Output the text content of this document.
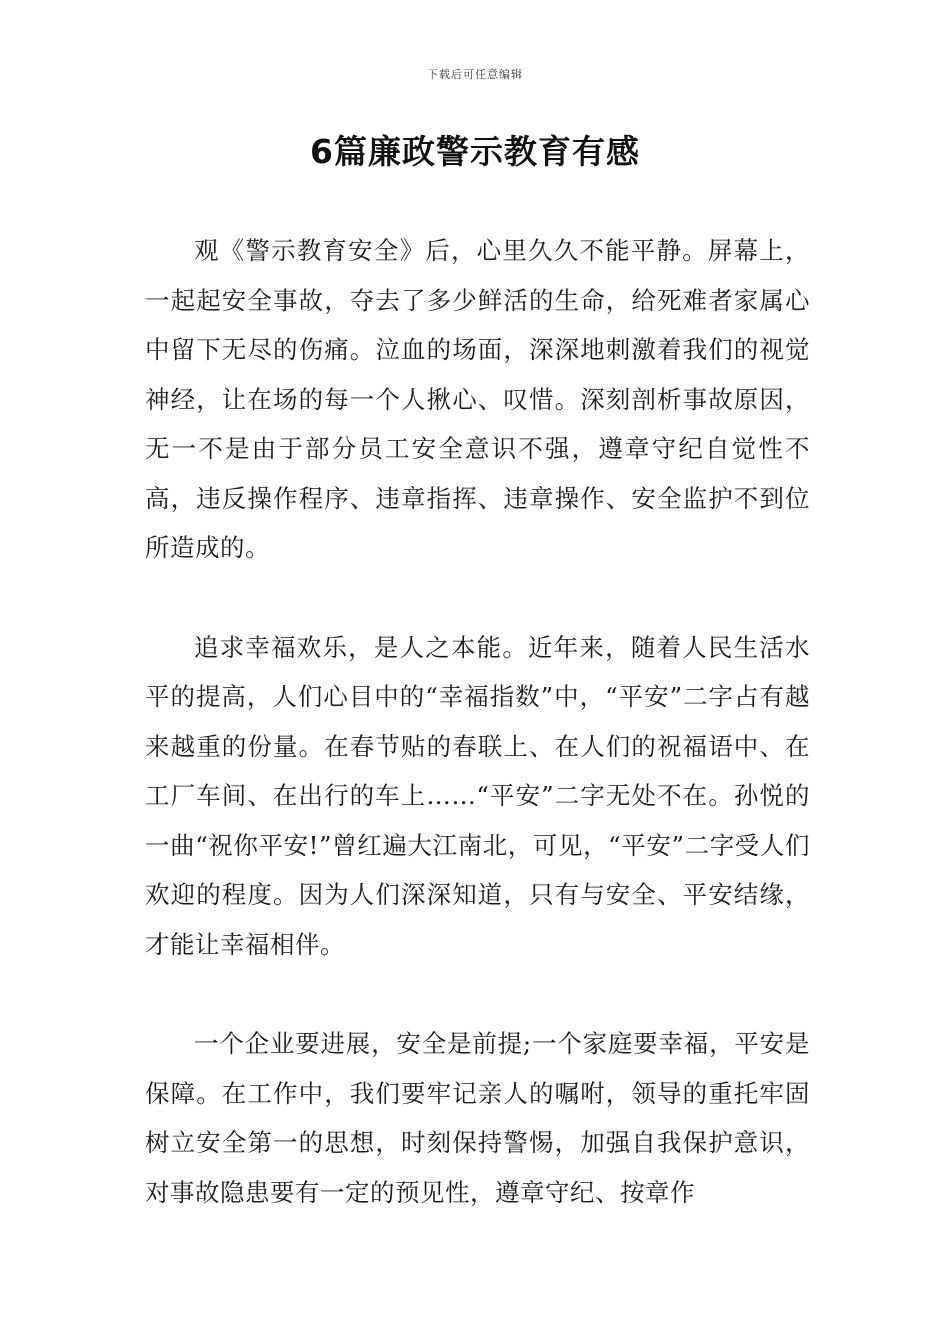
下载后可任意编辑
6篇廉政警示教育有感

观《警示教育安全》后，心里久久不能平静。屏幕上，一起起安全事故，夺去了多少鲜活的生命，给死难者家属心中留下无尽的伤痛。泣血的场面，深深地刺激着我们的视觉神经，让在场的每一个人揪心、叹惜。深刻剖析事故原因，无一不是由于部分员工安全意识不强，遵章守纪自觉性不高，违反操作程序、违章指挥、违章操作、安全监护不到位所造成的。

追求幸福欢乐，是人之本能。近年来，随着人民生活水平的提高，人们心目中的“幸福指数”中，“平安”二字占有越来越重的份量。在春节贴的春联上、在人们的祝福语中、在工厂车间、在出行的车上……“平安”二字无处不在。孙悦的一曲“祝你平安!”曾红遍大江南北，可见，“平安”二字受人们欢迎的程度。因为人们深深知道，只有与安全、平安结缘，才能让幸福相伴。

一个企业要进展，安全是前提;一个家庭要幸福，平安是保障。在工作中，我们要牢记亲人的嘱咐，领导的重托牢固树立安全第一的思想，时刻保持警惕，加强自我保护意识，对事故隐患要有一定的预见性，遵章守纪、按章作
